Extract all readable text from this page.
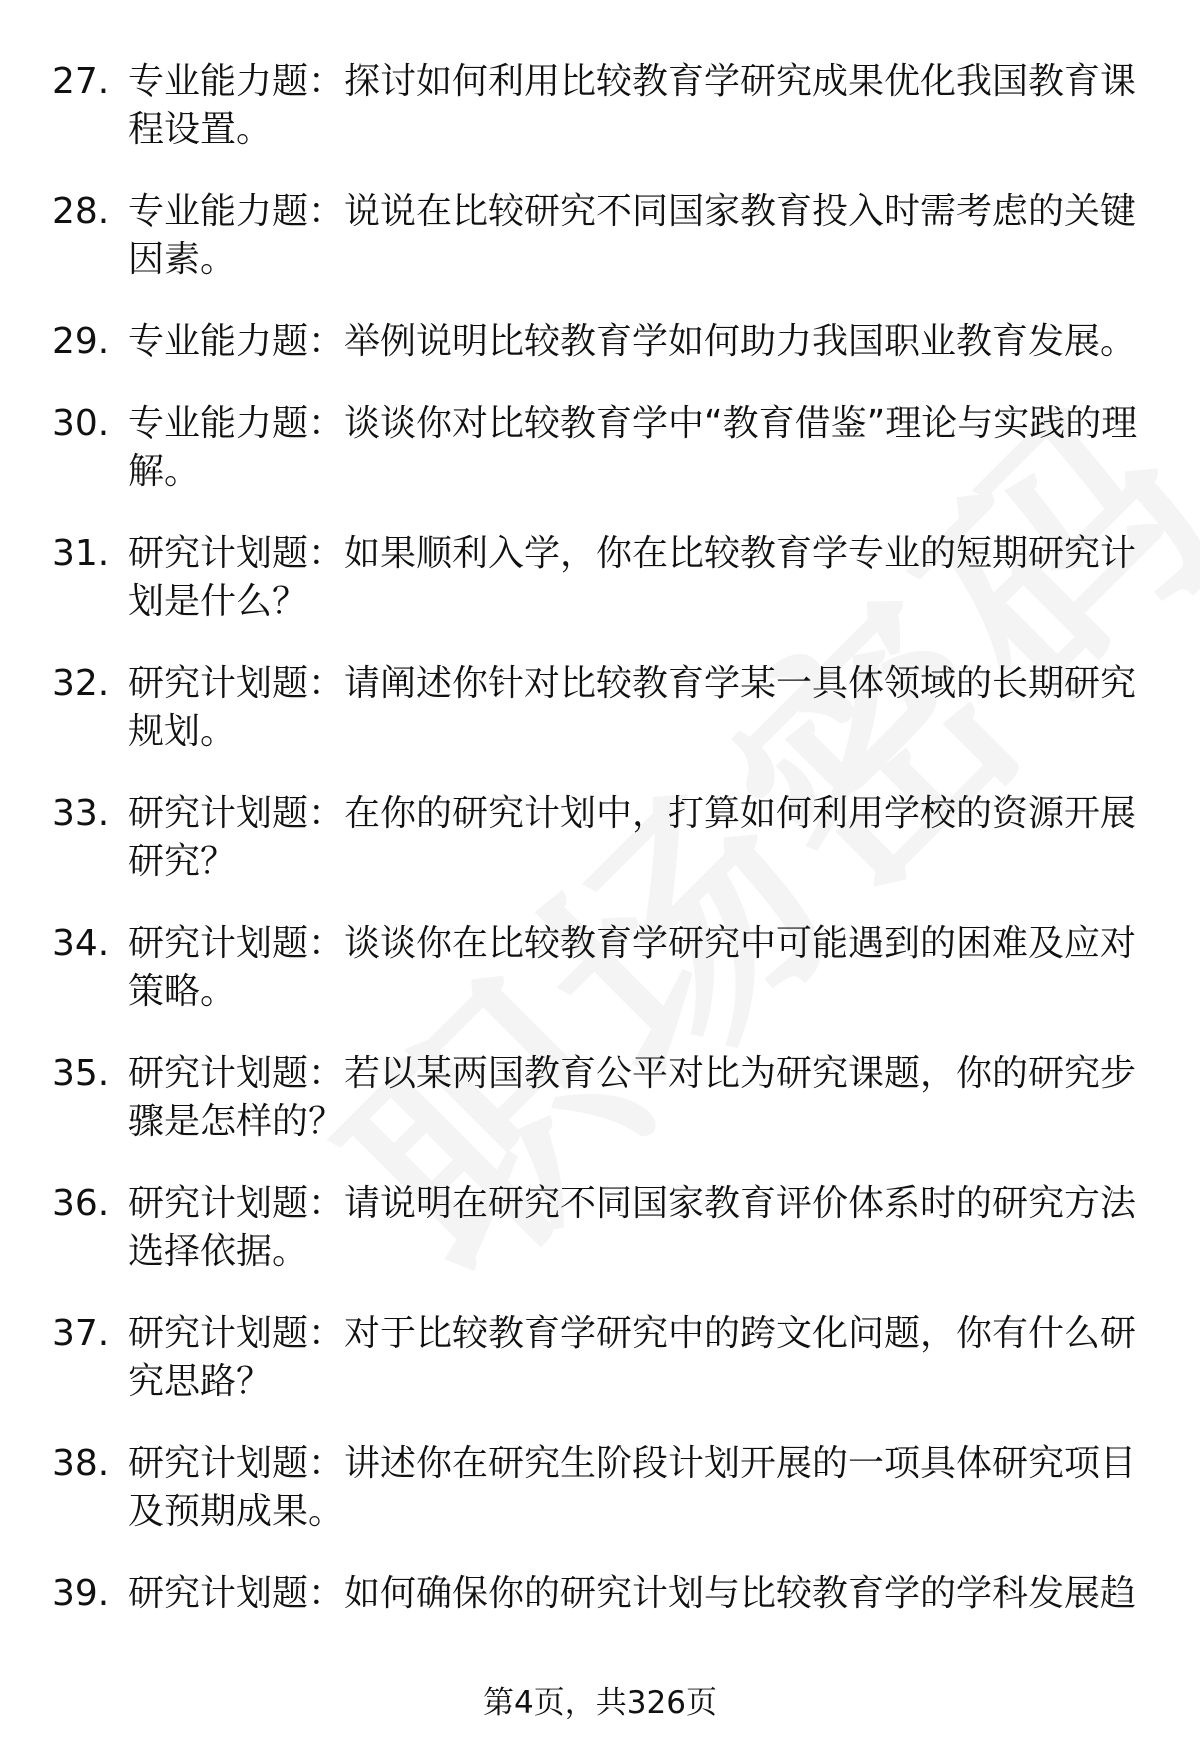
27. 专业能力题：探讨如何利用比较教育学研究成果优化我国教育课程设置。
28. 专业能力题：说说在比较研究不同国家教育投入时需考虑的关键因素。
29. 专业能力题：举例说明比较教育学如何助力我国职业教育发展。
30. 专业能力题：谈谈你对比较教育学中“教育借鉴”理论与实践的理解。
31. 研究计划题：如果顺利入学，你在比较教育学专业的短期研究计划是什么？
32. 研究计划题：请阐述你针对比较教育学某一具体领域的长期研究规划。
33. 研究计划题：在你的研究计划中，打算如何利用学校的资源开展研究？
34. 研究计划题：谈谈你在比较教育学研究中可能遇到的困难及应对策略。
35. 研究计划题：若以某两国教育公平对比为研究课题，你的研究步骤是怎样的？
36. 研究计划题：请说明在研究不同国家教育评价体系时的研究方法选择依据。
37. 研究计划题：对于比较教育学研究中的跨文化问题，你有什么研究思路？
38. 研究计划题：讲述你在研究生阶段计划开展的一项具体研究项目及预期成果。
39. 研究计划题：如何确保你的研究计划与比较教育学的学科发展趋
第4页，共326页
